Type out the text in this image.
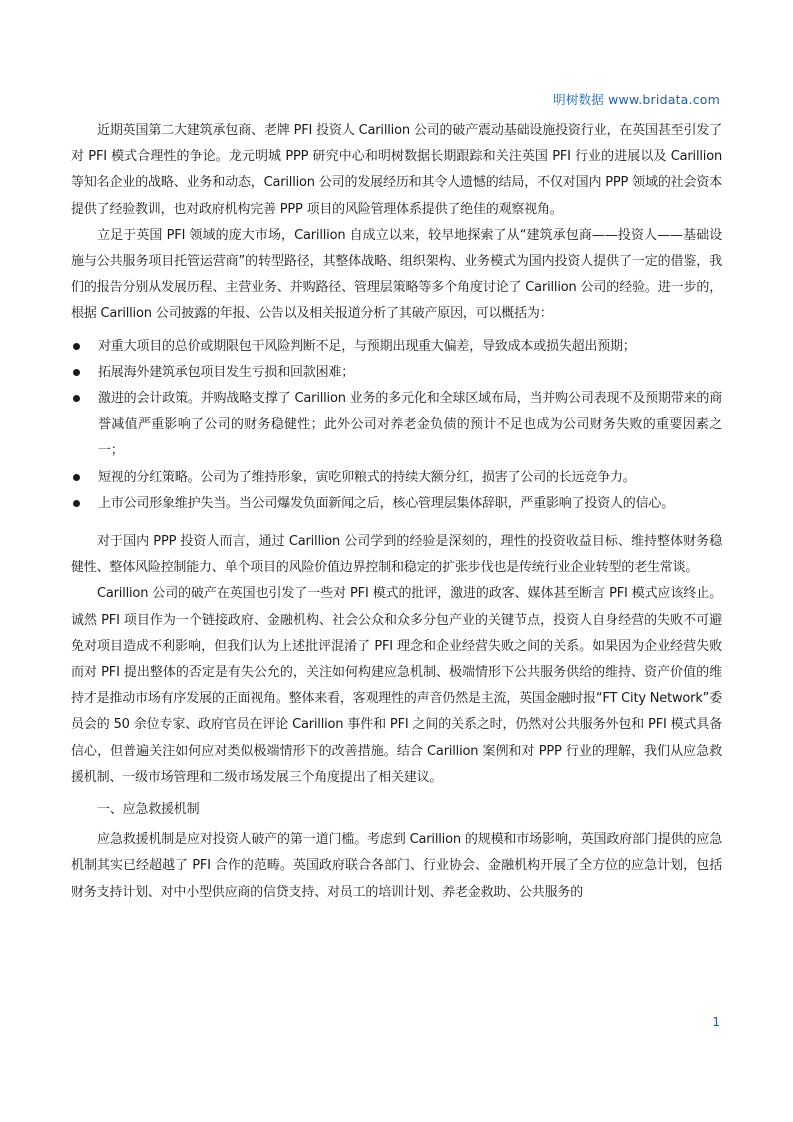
明树数据 www.bridata.com

近期英国第二大建筑承包商、老牌 PFI 投资人 Carillion 公司的破产震动基础设施投资行业，在英国甚至引发了对 PFI 模式合理性的争论。龙元明城 PPP 研究中心和明树数据长期跟踪和关注英国 PFI 行业的进展以及 Carillion 等知名企业的战略、业务和动态，Carillion 公司的发展经历和其令人遗憾的结局，不仅对国内 PPP 领域的社会资本提供了经验教训，也对政府机构完善 PPP 项目的风险管理体系提供了绝佳的观察视角。

立足于英国 PFI 领域的庞大市场，Carillion 自成立以来，较早地探索了从“建筑承包商——投资人——基础设施与公共服务项目托管运营商”的转型路径，其整体战略、组织架构、业务模式为国内投资人提供了一定的借鉴，我们的报告分别从发展历程、主营业务、并购路径、管理层策略等多个角度讨论了 Carillion 公司的经验。进一步的，根据 Carillion 公司披露的年报、公告以及相关报道分析了其破产原因，可以概括为：

对重大项目的总价或期限包干风险判断不足，与预期出现重大偏差，导致成本或损失超出预期；
拓展海外建筑承包项目发生亏损和回款困难；
激进的会计政策。并购战略支撑了 Carillion 业务的多元化和全球区域布局，当并购公司表现不及预期带来的商誉减值严重影响了公司的财务稳健性；此外公司对养老金负债的预计不足也成为公司财务失败的重要因素之一；
短视的分红策略。公司为了维持形象，寅吃卯粮式的持续大额分红，损害了公司的长远竞争力。
上市公司形象维护失当。当公司爆发负面新闻之后，核心管理层集体辞职，严重影响了投资人的信心。

对于国内 PPP 投资人而言，通过 Carillion 公司学到的经验是深刻的，理性的投资收益目标、维持整体财务稳健性、整体风险控制能力、单个项目的风险价值边界控制和稳定的扩张步伐也是传统行业企业转型的老生常谈。

Carillion 公司的破产在英国也引发了一些对 PFI 模式的批评，激进的政客、媒体甚至断言 PFI 模式应该终止。诚然 PFI 项目作为一个链接政府、金融机构、社会公众和众多分包产业的关键节点，投资人自身经营的失败不可避免对项目造成不利影响，但我们认为上述批评混淆了 PFI 理念和企业经营失败之间的关系。如果因为企业经营失败而对 PFI 提出整体的否定是有失公允的，关注如何构建应急机制、极端情形下公共服务供给的维持、资产价值的维持才是推动市场有序发展的正面视角。整体来看，客观理性的声音仍然是主流，英国金融时报“FT City Network”委员会的 50 余位专家、政府官员在评论 Carillion 事件和 PFI 之间的关系之时，仍然对公共服务外包和 PFI 模式具备信心，但普遍关注如何应对类似极端情形下的改善措施。结合 Carillion 案例和对 PPP 行业的理解，我们从应急救援机制、一级市场管理和二级市场发展三个角度提出了相关建议。

一、应急救援机制

应急救援机制是应对投资人破产的第一道门槛。考虑到 Carillion 的规模和市场影响，英国政府部门提供的应急机制其实已经超越了 PFI 合作的范畴。英国政府联合各部门、行业协会、金融机构开展了全方位的应急计划，包括财务支持计划、对中小型供应商的信贷支持、对员工的培训计划、养老金救助、公共服务的

1
